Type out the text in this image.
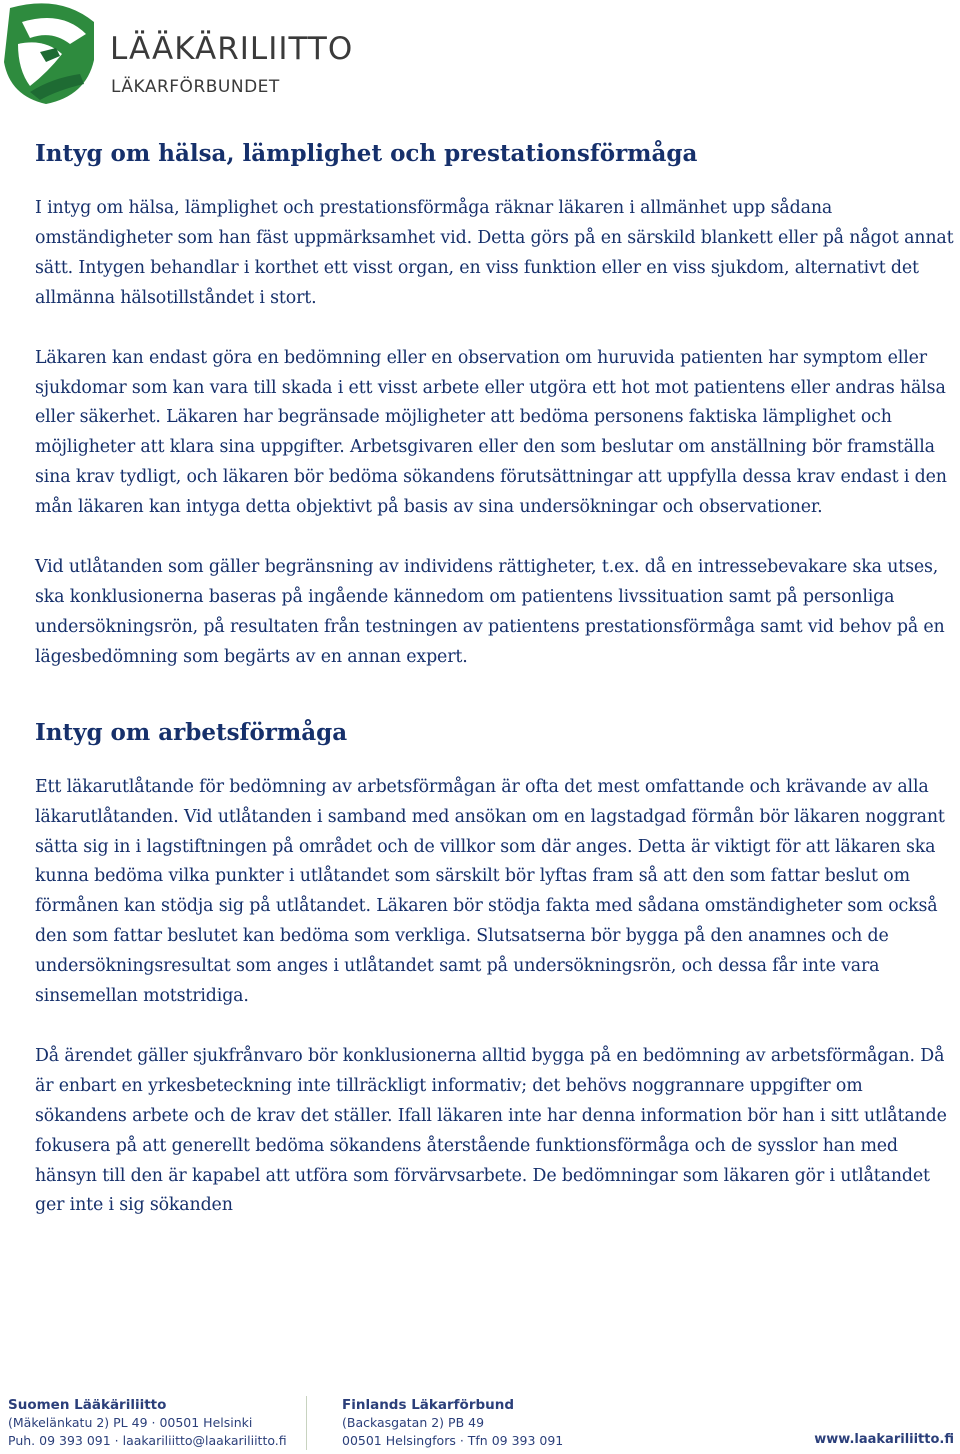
LÄÄKÄRILIITTO
LÄKARFÖRBUNDET
Intyg om hälsa, lämplighet och prestationsförmåga

I intyg om hälsa, lämplighet och prestationsförmåga räknar läkaren i allmänhet upp sådana omständigheter som han fäst uppmärksamhet vid. Detta görs på en särskild blankett eller på något annat sätt. Intygen behandlar i korthet ett visst organ, en viss funktion eller en viss sjukdom, alternativt det allmänna hälsotillståndet i stort.

Läkaren kan endast göra en bedömning eller en observation om huruvida patienten har symptom eller sjukdomar som kan vara till skada i ett visst arbete eller utgöra ett hot mot patientens eller andras hälsa eller säkerhet. Läkaren har begränsade möjligheter att bedöma personens faktiska lämplighet och möjligheter att klara sina uppgifter. Arbetsgivaren eller den som beslutar om anställning bör framställa sina krav tydligt, och läkaren bör bedöma sökandens förutsättningar att uppfylla dessa krav endast i den mån läkaren kan intyga detta objektivt på basis av sina undersökningar och observationer.

Vid utlåtanden som gäller begränsning av individens rättigheter, t.ex. då en intressebevakare ska utses, ska konklusionerna baseras på ingående kännedom om patientens livssituation samt på personliga undersökningsrön, på resultaten från testningen av patientens prestationsförmåga samt vid behov på en lägesbedömning som begärts av en annan expert.

Intyg om arbetsförmåga

Ett läkarutlåtande för bedömning av arbetsförmågan är ofta det mest omfattande och krävande av alla läkarutlåtanden. Vid utlåtanden i samband med ansökan om en lagstadgad förmån bör läkaren noggrant sätta sig in i lagstiftningen på området och de villkor som där anges. Detta är viktigt för att läkaren ska kunna bedöma vilka punkter i utlåtandet som särskilt bör lyftas fram så att den som fattar beslut om förmånen kan stödja sig på utlåtandet. Läkaren bör stödja fakta med sådana omständigheter som också den som fattar beslutet kan bedöma som verkliga. Slutsatserna bör bygga på den anamnes och de undersökningsresultat som anges i utlåtandet samt på undersökningsrön, och dessa får inte vara sinsemellan motstridiga.

Då ärendet gäller sjukfrånvaro bör konklusionerna alltid bygga på en bedömning av arbetsförmågan. Då är enbart en yrkesbeteckning inte tillräckligt informativ; det behövs noggrannare uppgifter om sökandens arbete och de krav det ställer. Ifall läkaren inte har denna information bör han i sitt utlåtande fokusera på att generellt bedöma sökandens återstående funktionsförmåga och de sysslor han med hänsyn till den är kapabel att utföra som förvärvsarbete. De bedömningar som läkaren gör i utlåtandet ger inte i sig sökanden

Suomen Lääkäriliitto
(Mäkelänkatu 2) PL 49 · 00501 Helsinki
Puh. 09 393 091 · laakariliitto@laakariliitto.fi
Finlands Läkarförbund
(Backasgatan 2) PB 49
00501 Helsingfors · Tfn 09 393 091	www.laakariliitto.fi
